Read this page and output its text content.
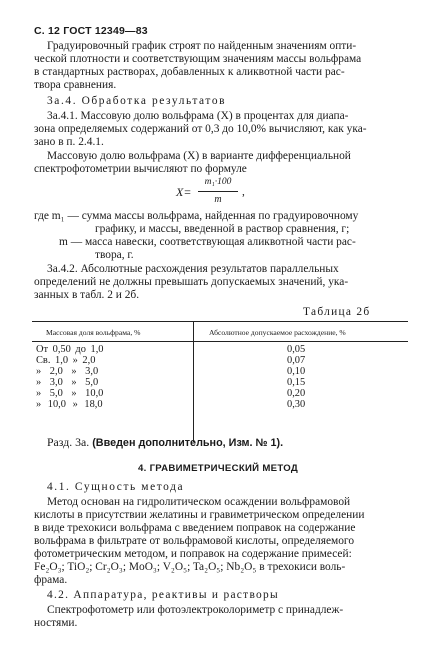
С. 12 ГОСТ 12349—83
Градуировочный график строят по найденным значениям опти-
ческой плотности и соответствующим значениям массы вольфрама
в стандартных растворах, добавленных к аликвотной части рас-
твора сравнения.
3а.4. Обработка результатов
3а.4.1. Массовую долю вольфрама (X) в процентах для диапа-
зона определяемых содержаний от 0,3 до 10,0% вычисляют, как ука-
зано в п. 2.4.1.
Массовую долю вольфрама (X) в варианте дифференциальной
спектрофотометрии вычисляют по формуле
X=
m₁·100
m
,
где m₁ — сумма массы вольфрама, найденная по градуировочному
графику, и массы, введенной в раствор сравнения, г;
m — масса навески, соответствующая аликвотной части рас-
твора, г.
3а.4.2. Абсолютные расхождения результатов параллельных
определений не должны превышать допускаемых значений, ука-
занных в табл. 2 и 2б.
Таблица 2б
Массовая доля вольфрама, %	Абсолютное допускаемое расхождение, %
От 0,50 до 1,0	0,05
Св. 1,0 » 2,0	0,07
» 2,0 » 3,0	0,10
» 3,0 » 5,0	0,15
» 5,0 » 10,0	0,20
» 10,0 » 18,0	0,30
Разд. 3а. (Введен дополнительно, Изм. № 1).
4. ГРАВИМЕТРИЧЕСКИЙ МЕТОД
4.1. Сущность метода
Метод основан на гидролитическом осаждении вольфрамовой
кислоты в присутствии желатины и гравиметрическом определении
в виде трехокиси вольфрама с введением поправок на содержание
вольфрама в фильтрате от вольфрамовой кислоты, определяемого
фотометрическим методом, и поправок на содержание примесей:
Fe₂O₃; TiO₂; Cr₂O₃; MoO₃; V₂O₅; Ta₂O₅; Nb₂O₅ в трехокиси воль-
фрама.
4.2. Аппаратура, реактивы и растворы
Спектрофотометр или фотоэлектроколориметр с принадлеж-
ностями.
